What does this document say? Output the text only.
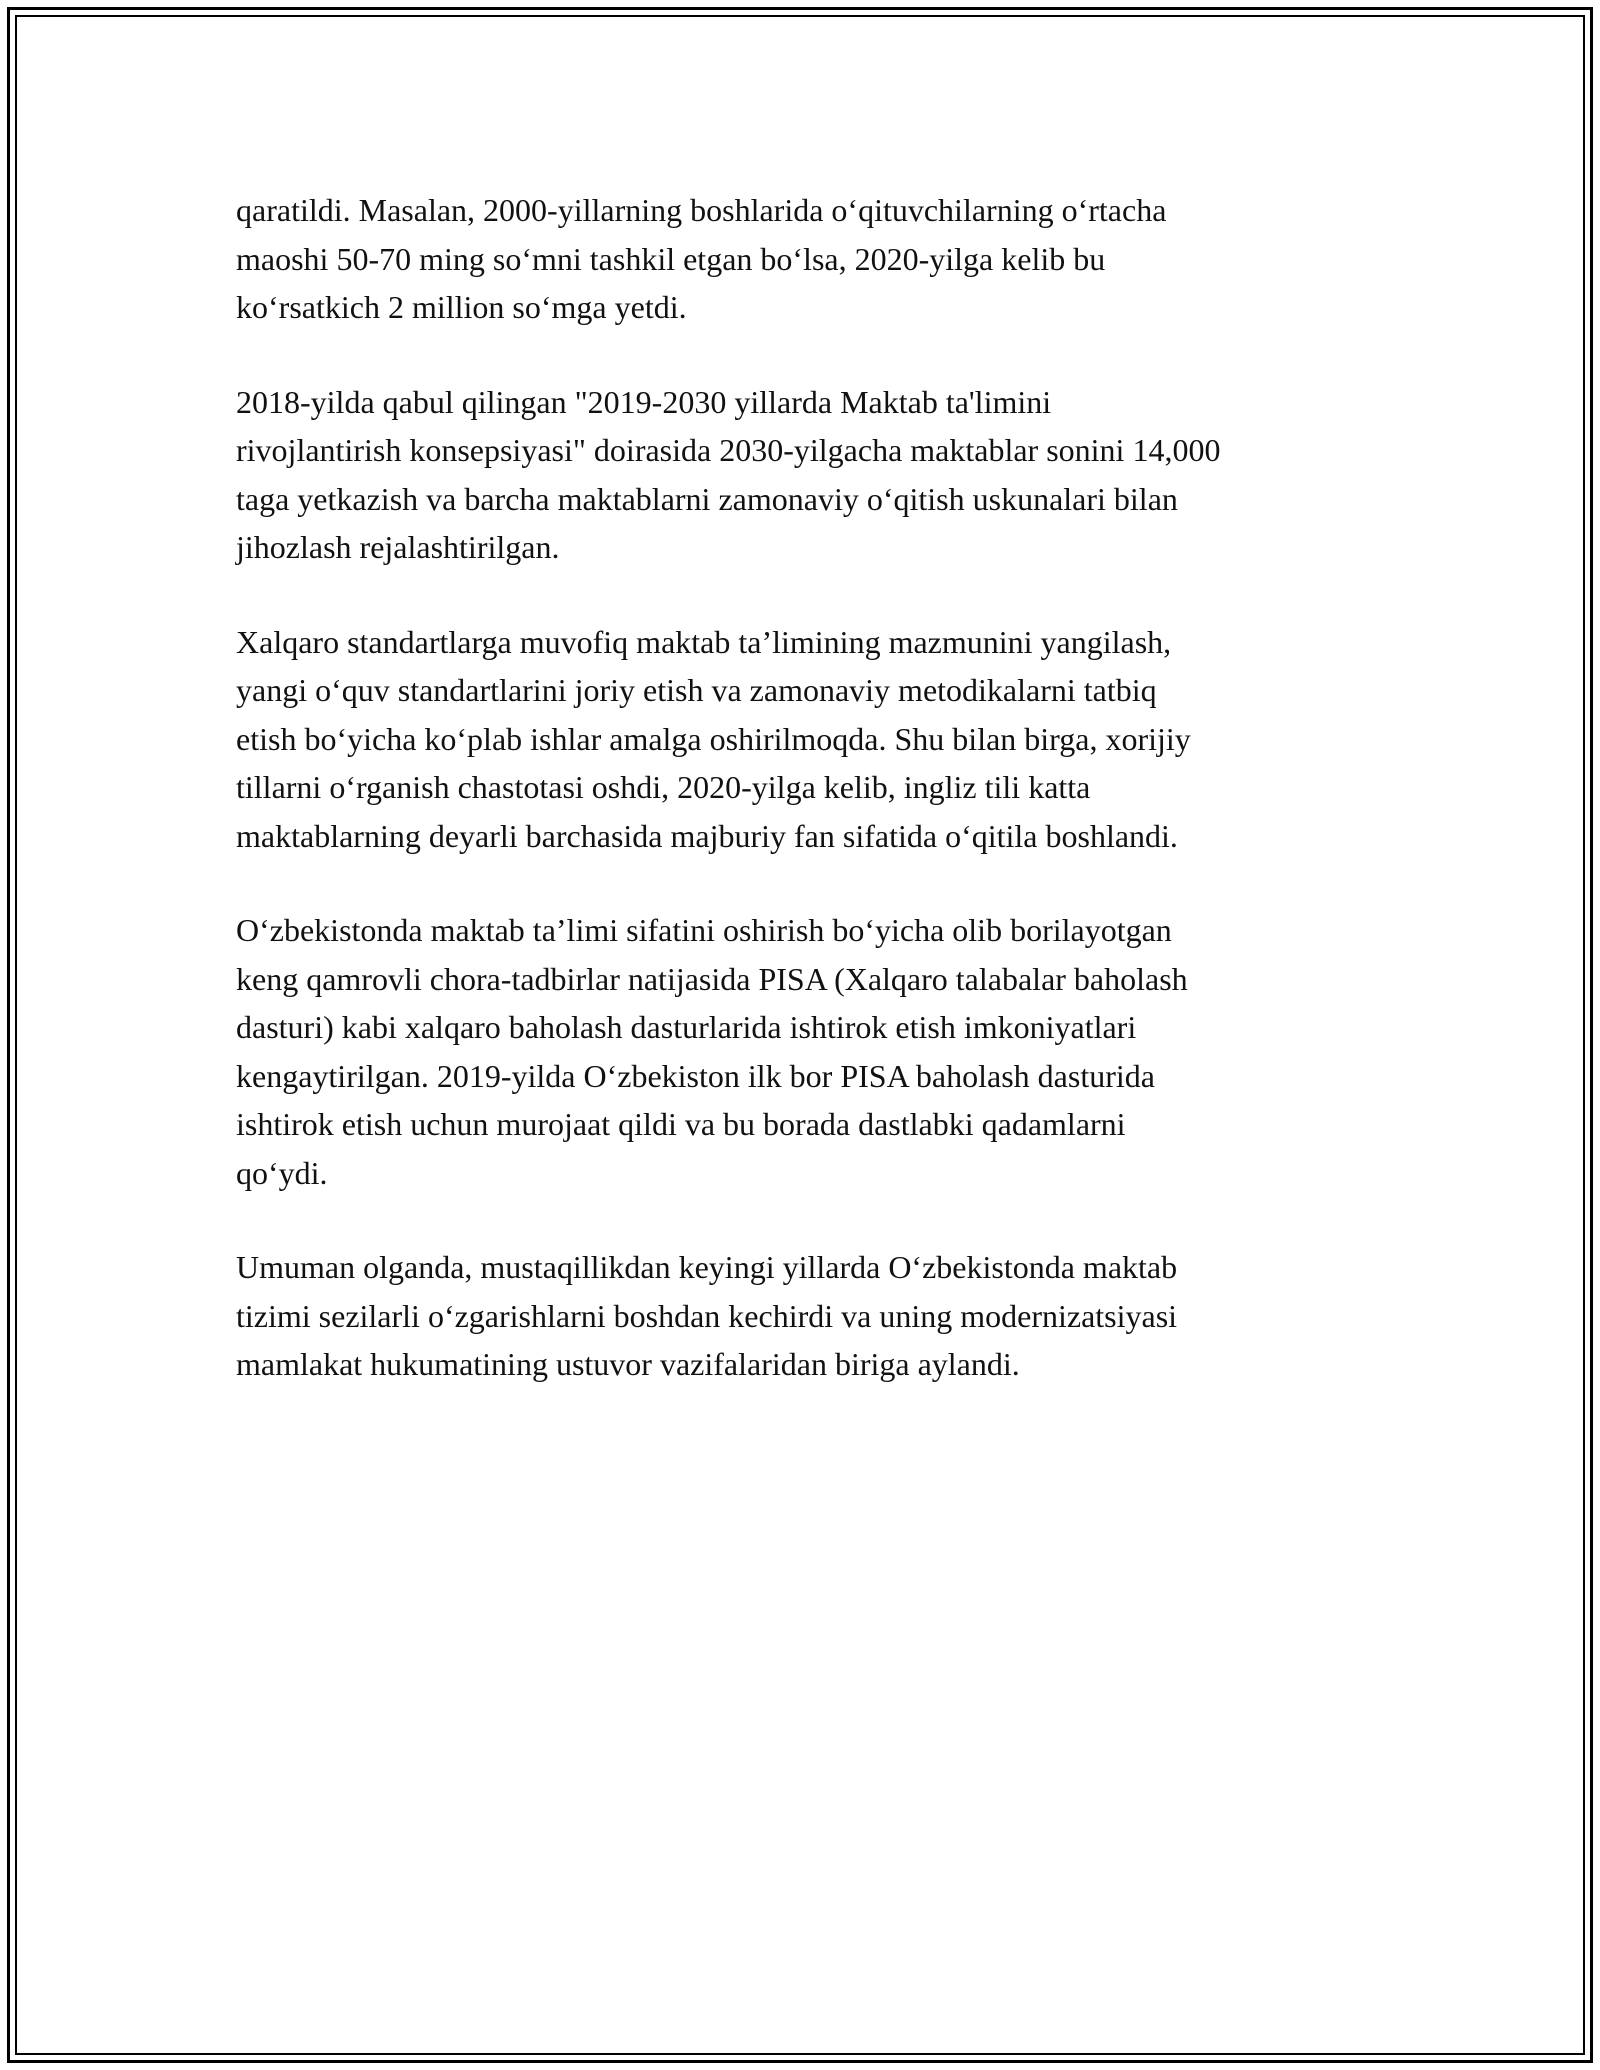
qaratildi. Masalan, 2000-yillarning boshlarida o‘qituvchilarning o‘rtacha
maoshi 50-70 ming so‘mni tashkil etgan bo‘lsa, 2020-yilga kelib bu
ko‘rsatkich 2 million so‘mga yetdi.

2018-yilda qabul qilingan "2019-2030 yillarda Maktab ta'limini
rivojlantirish konsepsiyasi" doirasida 2030-yilgacha maktablar sonini 14,000
taga yetkazish va barcha maktablarni zamonaviy o‘qitish uskunalari bilan
jihozlash rejalashtirilgan.

Xalqaro standartlarga muvofiq maktab ta’limining mazmunini yangilash,
yangi o‘quv standartlarini joriy etish va zamonaviy metodikalarni tatbiq
etish bo‘yicha ko‘plab ishlar amalga oshirilmoqda. Shu bilan birga, xorijiy
tillarni o‘rganish chastotasi oshdi, 2020-yilga kelib, ingliz tili katta
maktablarning deyarli barchasida majburiy fan sifatida o‘qitila boshlandi.

O‘zbekistonda maktab ta’limi sifatini oshirish bo‘yicha olib borilayotgan
keng qamrovli chora-tadbirlar natijasida PISA (Xalqaro talabalar baholash
dasturi) kabi xalqaro baholash dasturlarida ishtirok etish imkoniyatlari
kengaytirilgan. 2019-yilda O‘zbekiston ilk bor PISA baholash dasturida
ishtirok etish uchun murojaat qildi va bu borada dastlabki qadamlarni
qo‘ydi.

Umuman olganda, mustaqillikdan keyingi yillarda O‘zbekistonda maktab
tizimi sezilarli o‘zgarishlarni boshdan kechirdi va uning modernizatsiyasi
mamlakat hukumatining ustuvor vazifalaridan biriga aylandi.
